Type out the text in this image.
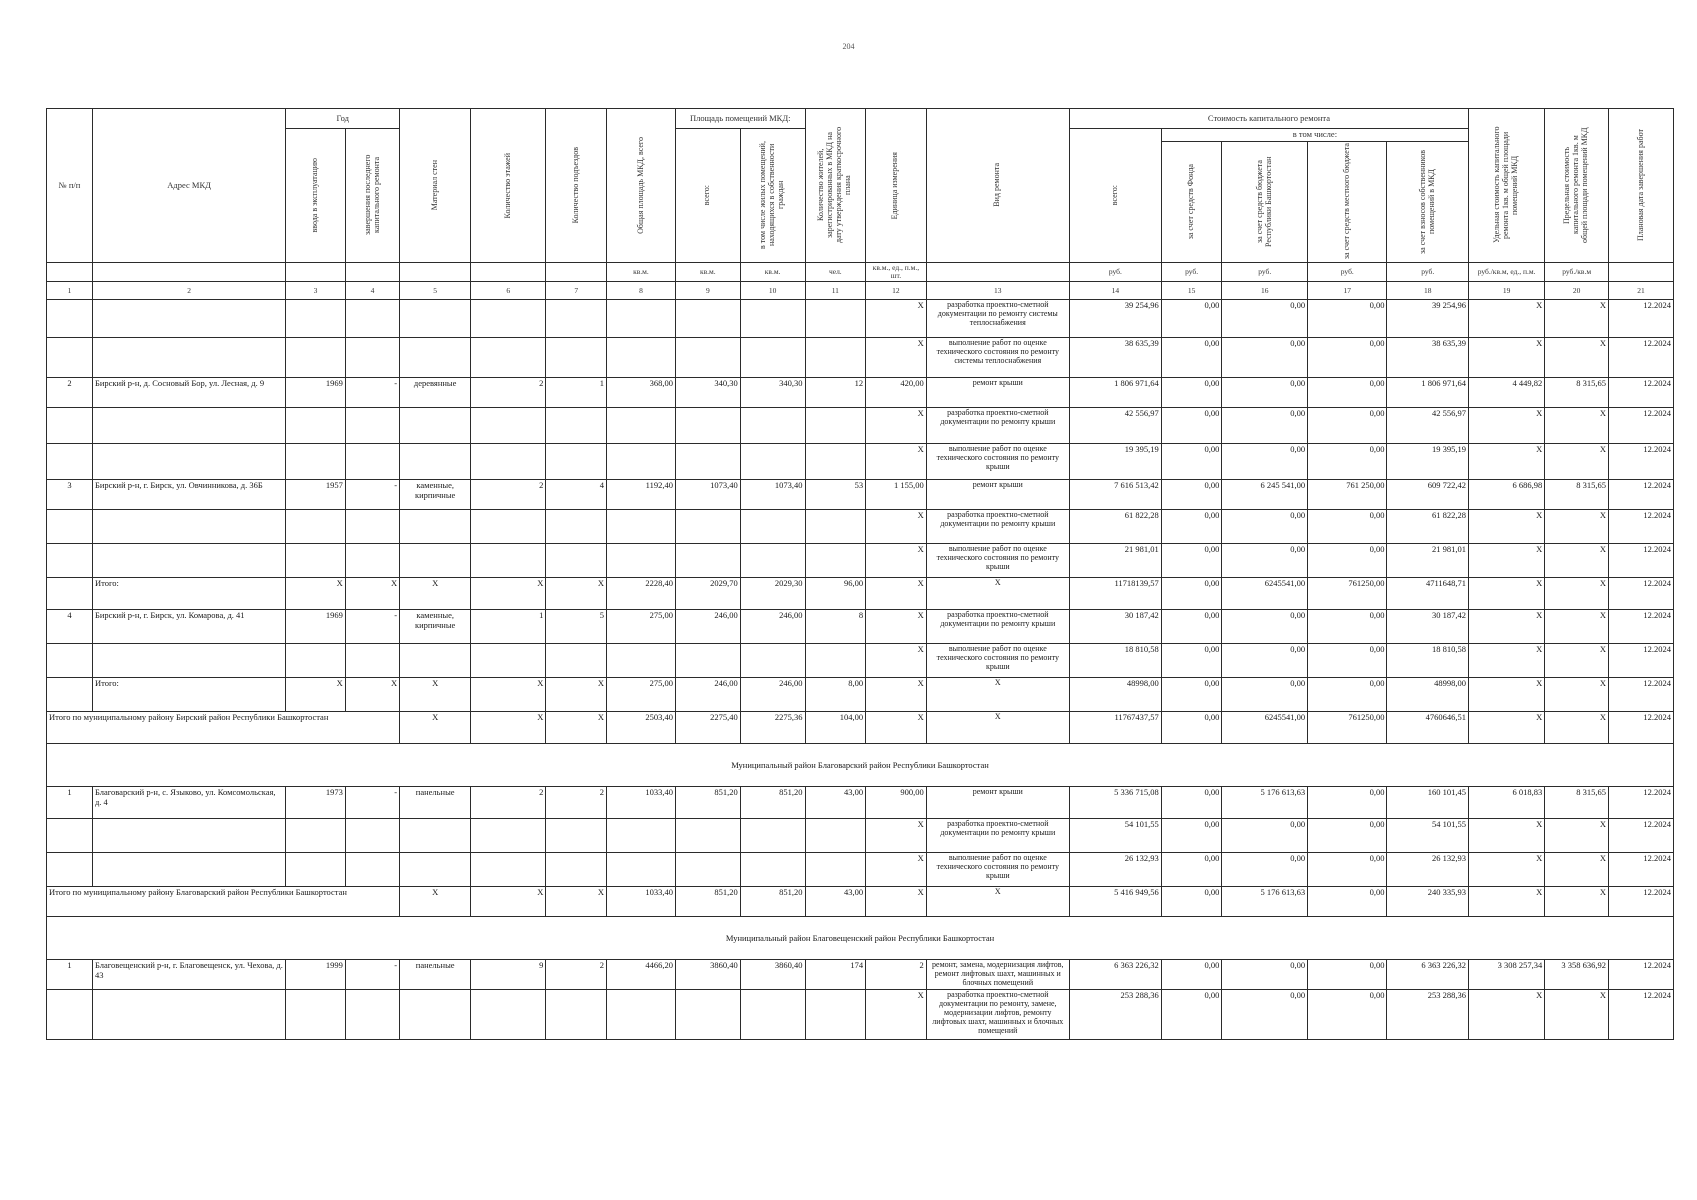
204
№ п/п	Адрес МКД	Год		Материал стен	Количество этажей	Количество подъездов	Общая площадь МКД, всего	Площадь помещений МКД:		Количество жителей, зарегистрированных в МКД на дату утверждения краткосрочного плана	Единица измерения	Вид ремонта	Стоимость капитального ремонта					Удельная стоимость капитального ремонта 1кв. м общей площади помещений МКД	Предельная стоимость капитального ремонта 1кв. м общей площади помещений МКД	Плановая дата завершения работ

		ввода в эксплуатацию	завершения последнего капитального ремонта					всего:	в том числе жилых помещений, находящихся в собственности граждан				всего:	в том числе:						

														за счет средств Фонда	за счет средств бюджета Республики Башкортостан	за счет средств местного бюджета	за счет взносов собственников помещений в МКД			

							кв.м.	кв.м.	кв.м.	чел.	кв.м., ед., п.м., шт.		руб.	руб.	руб.	руб.	руб.	руб./кв.м, ед., п.м.	руб./кв.м	
1	2	3	4	5	6	7	8	9	10	11	12	13	14	15	16	17	18	19	20	21
											X	разработка проектно-сметной документации по ремонту системы теплоснабжения	39 254,96	0,00	0,00	0,00	39 254,96	X	X	12.2024
											X	выполнение работ по оценке технического состояния по ремонту системы теплоснабжения	38 635,39	0,00	0,00	0,00	38 635,39	X	X	12.2024
2	Бирский р-н, д. Сосновый Бор, ул. Лесная, д. 9	1969	-	деревянные	2	1	368,00	340,30	340,30	12	420,00	ремонт крыши	1 806 971,64	0,00	0,00	0,00	1 806 971,64	4 449,82	8 315,65	12.2024
											X	разработка проектно-сметной документации по ремонту крыши	42 556,97	0,00	0,00	0,00	42 556,97	X	X	12.2024
											X	выполнение работ по оценке технического состояния по ремонту крыши	19 395,19	0,00	0,00	0,00	19 395,19	X	X	12.2024
3	Бирский р-н, г. Бирск, ул. Овчинникова, д. 36Б	1957	-	каменные, кирпичные	2	4	1192,40	1073,40	1073,40	53	1 155,00	ремонт крыши	7 616 513,42	0,00	6 245 541,00	761 250,00	609 722,42	6 686,98	8 315,65	12.2024
											X	разработка проектно-сметной документации по ремонту крыши	61 822,28	0,00	0,00	0,00	61 822,28	X	X	12.2024
											X	выполнение работ по оценке технического состояния по ремонту крыши	21 981,01	0,00	0,00	0,00	21 981,01	X	X	12.2024
	Итого:	X	X	X	X	X	2228,40	2029,70	2029,30	96,00	X	X	11718139,57	0,00	6245541,00	761250,00	4711648,71	X	X	12.2024
4	Бирский р-н, г. Бирск, ул. Комарова, д. 41	1969	-	каменные, кирпичные	1	5	275,00	246,00	246,00	8	X	разработка проектно-сметной документации по ремонту крыши	30 187,42	0,00	0,00	0,00	30 187,42	X	X	12.2024
											X	выполнение работ по оценке технического состояния по ремонту крыши	18 810,58	0,00	0,00	0,00	18 810,58	X	X	12.2024
	Итого:	X	X	X	X	X	275,00	246,00	246,00	8,00	X	X	48998,00	0,00	0,00	0,00	48998,00	X	X	12.2024
Итого по муниципальному району Бирский район Республики Башкортостан				X	X	X	2503,40	2275,40	2275,36	104,00	X	X	11767437,57	0,00	6245541,00	761250,00	4760646,51	X	X	12.2024
Муниципальный район Благоварский район Республики Башкортостан																				
1	Благоварский р-н, с. Языково, ул. Комсомольская, д. 4	1973	-	панельные	2	2	1033,40	851,20	851,20	43,00	900,00	ремонт крыши	5 336 715,08	0,00	5 176 613,63	0,00	160 101,45	6 018,83	8 315,65	12.2024
											X	разработка проектно-сметной документации по ремонту крыши	54 101,55	0,00	0,00	0,00	54 101,55	X	X	12.2024
											X	выполнение работ по оценке технического состояния по ремонту крыши	26 132,93	0,00	0,00	0,00	26 132,93	X	X	12.2024
Итого по муниципальному району Благоварский район Республики Башкортостан				X	X	X	1033,40	851,20	851,20	43,00	X	X	5 416 949,56	0,00	5 176 613,63	0,00	240 335,93	X	X	12.2024
Муниципальный район Благовещенский район Республики Башкортостан																				
1	Благовещенский р-н, г. Благовещенск, ул. Чехова, д. 43	1999	-	панельные	9	2	4466,20	3860,40	3860,40	174	2	ремонт, замена, модернизация лифтов, ремонт лифтовых шахт, машинных и блочных помещений	6 363 226,32	0,00	0,00	0,00	6 363 226,32	3 308 257,34	3 358 636,92	12.2024
											X	разработка проектно-сметной документации по ремонту, замене, модернизации лифтов, ремонту лифтовых шахт, машинных и блочных помещений	253 288,36	0,00	0,00	0,00	253 288,36	X	X	12.2024
